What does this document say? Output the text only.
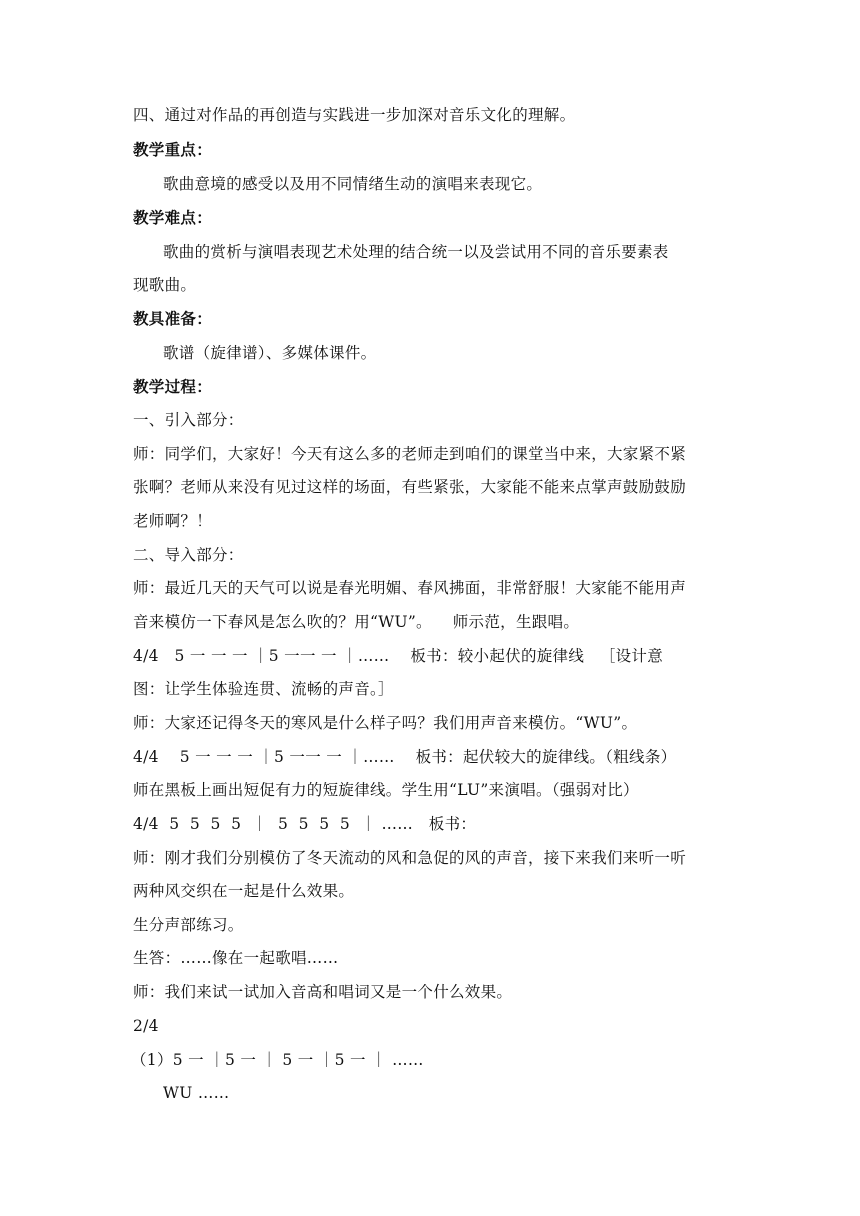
四、通过对作品的再创造与实践进一步加深对音乐文化的理解。
教学重点：
歌曲意境的感受以及用不同情绪生动的演唱来表现它。
教学难点：
歌曲的赏析与演唱表现艺术处理的结合统一以及尝试用不同的音乐要素表
现歌曲。
教具准备：
歌谱（旋律谱）、多媒体课件。
教学过程：
一、引入部分：
师：同学们，大家好！今天有这么多的老师走到咱们的课堂当中来，大家紧不紧
张啊？老师从来没有见过这样的场面，有些紧张，大家能不能来点掌声鼓励鼓励
老师啊？！
二、导入部分：
师：最近几天的天气可以说是春光明媚、春风拂面，非常舒服！大家能不能用声
音来模仿一下春风是怎么吹的？用“WU”。    师示范，生跟唱。
4/4   5 一 一 一 ｜5 一一 一 ｜……    板书：较小起伏的旋律线   ［设计意
图：让学生体验连贯、流畅的声音。］
师：大家还记得冬天的寒风是什么样子吗？我们用声音来模仿。“WU”。
4/4    5 一 一 一 ｜5 一一 一 ｜……    板书：起伏较大的旋律线。（粗线条）
师在黑板上画出短促有力的短旋律线。学生用“LU”来演唱。（强弱对比）
4/4  5  5  5  5  ｜  5  5  5  5  ｜ ……   板书：
师：刚才我们分别模仿了冬天流动的风和急促的风的声音，接下来我们来听一听
两种风交织在一起是什么效果。
生分声部练习。
生答：……像在一起歌唱……
师：我们来试一试加入音高和唱词又是一个什么效果。
2/4
（1）5 一 ｜5 一 ｜ 5 一 ｜5 一 ｜ ……
WU ……
